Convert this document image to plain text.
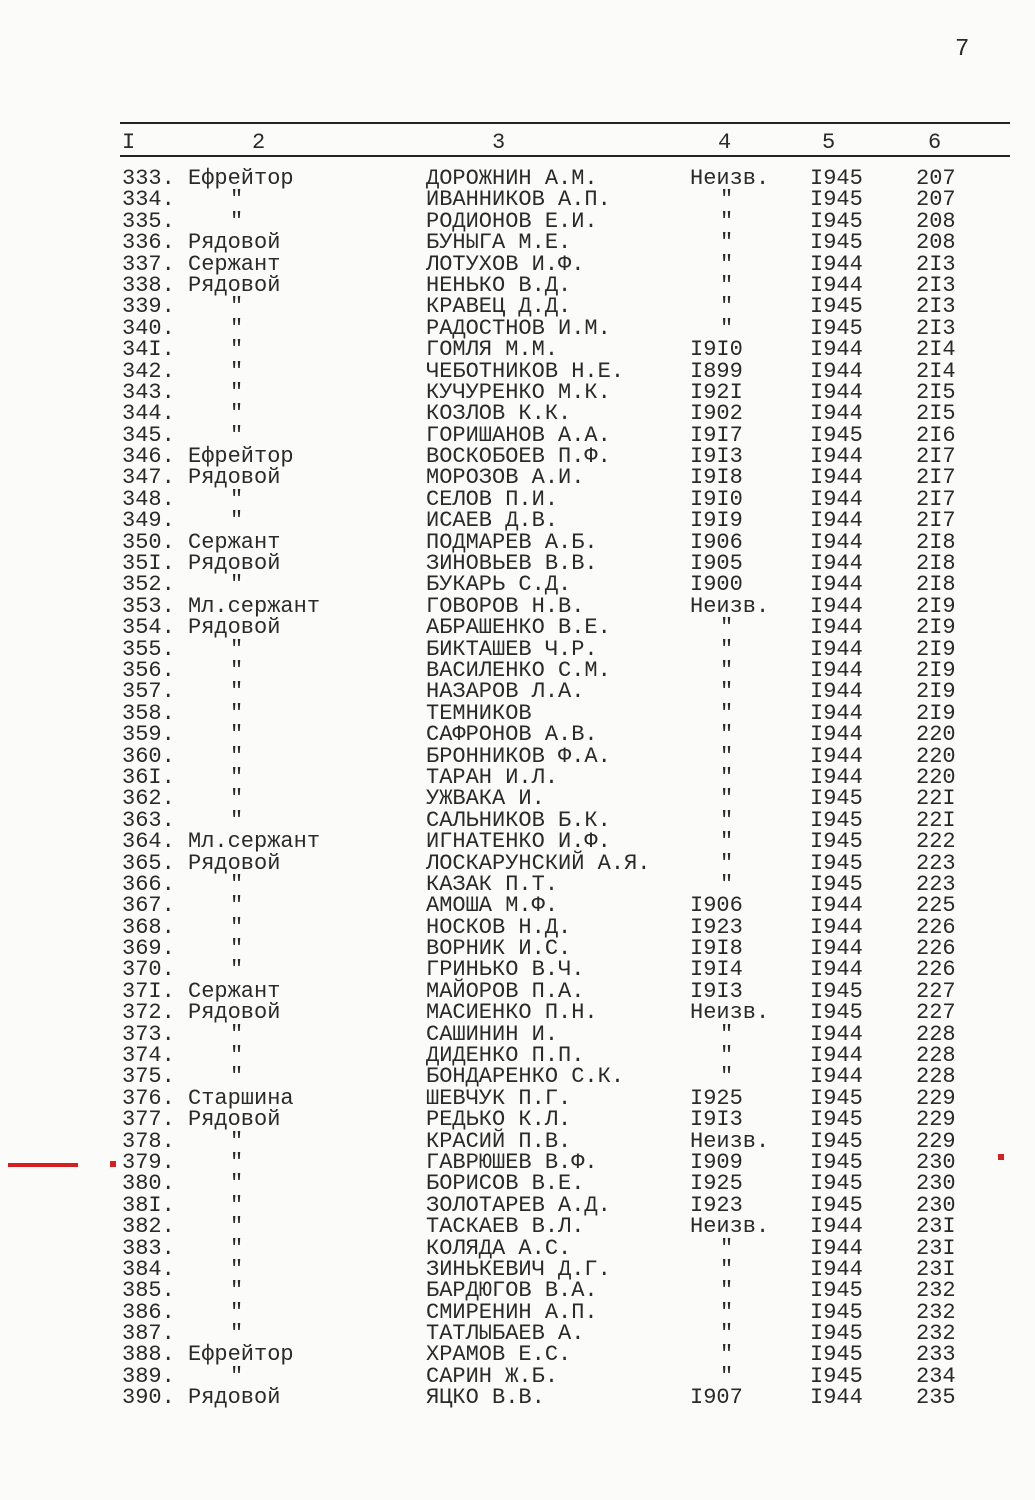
7
I	2	3	4	5	6
333. Ефрейтор	ДОРОЖНИН А.М.	Неизв. I945 207
334.	"	ИВАННИКОВ А.П.	"	I945 207
335.	"	РОДИОНОВ Е.И.	"	I945 208
336. Рядовой	БУНЫГА М.Е.	"	I945 208
337. Сержант	ЛОТУХОВ И.Ф.	"	I944 2I3
338. Рядовой	НЕНЬКО В.Д.	"	I944 2I3
339.	"	КРАВЕЦ Д.Д.	"	I945 2I3
340.	"	РАДОСТНОВ И.М.	"	I945 2I3
34I.	"	ГОМЛЯ М.М.	I9I0	I944 2I4
342.	"	ЧЕБОТНИКОВ Н.Е.	I899	I944 2I4
343.	"	КУЧУРЕНКО М.К.	I92I	I944 2I5
344.	"	КОЗЛОВ К.К.	I902	I944 2I5
345.	"	ГОРИШАНОВ А.А.	I9I7	I945 2I6
346. Ефрейтор	ВОСКОБОЕВ П.Ф.	I9I3	I944 2I7
347. Рядовой	МОРОЗОВ А.И.	I9I8	I944 2I7
348.	"	СЕЛОВ П.И.	I9I0	I944 2I7
349.	"	ИСАЕВ Д.В.	I9I9	I944 2I7
350. Сержант	ПОДМАРЕВ А.Б.	I906	I944 2I8
35I. Рядовой	ЗИНОВЬЕВ В.В.	I905	I944 2I8
352.	"	БУКАРЬ С.Д.	I900	I944 2I8
353. Мл.сержант	ГОВОРОВ Н.В.	Неизв. I944 2I9
354. Рядовой	АБРАШЕНКО В.Е.	"	I944 2I9
355.	"	БИКТАШЕВ Ч.Р.	"	I944 2I9
356.	"	ВАСИЛЕНКО С.М.	"	I944 2I9
357.	"	НАЗАРОВ Л.А.	"	I944 2I9
358.	"	ТЕМНИКОВ	"	I944 2I9
359.	"	САФРОНОВ А.В.	"	I944 220
360.	"	БРОННИКОВ Ф.А.	"	I944 220
36I.	"	ТАРАН И.Л.	"	I944 220
362.	"	УЖВАКА И.	"	I945 22I
363.	"	САЛЬНИКОВ Б.К.	"	I945 22I
364. Мл.сержант	ИГНАТЕНКО И.Ф.	"	I945 222
365. Рядовой	ЛОСКАРУНСКИЙ А.Я.	"	I945 223
366.	"	КАЗАК П.Т.	"	I945 223
367.	"	АМОША М.Ф.	I906	I944 225
368.	"	НОСКОВ Н.Д.	I923	I944 226
369.	"	ВОРНИК И.С.	I9I8	I944 226
370.	"	ГРИНЬКО В.Ч.	I9I4	I944 226
37I. Сержант	МАЙОРОВ П.А.	I9I3	I945 227
372. Рядовой	МАСИЕНКО П.Н.	Неизв. I945 227
373.	"	САШИНИН И.	"	I944 228
374.	"	ДИДЕНКО П.П.	"	I944 228
375.	"	БОНДАРЕНКО С.К.	"	I944 228
376. Старшина	ШЕВЧУК П.Г.	I925	I945 229
377. Рядовой	РЕДЬКО К.Л.	I9I3	I945 229
378.	"	КРАСИЙ П.В.	Неизв. I945 229
379.	"	ГАВРЮШЕВ В.Ф.	I909	I945 230
380.	"	БОРИСОВ В.Е.	I925	I945 230
38I.	"	ЗОЛОТАРЕВ А.Д.	I923	I945 230
382.	"	ТАСКАЕВ В.Л.	Неизв. I944 23I
383.	"	КОЛЯДА А.С.	"	I944 23I
384.	"	ЗИНЬКЕВИЧ Д.Г.	"	I944 23I
385.	"	БАРДЮГОВ В.А.	"	I945 232
386.	"	СМИРЕНИН А.П.	"	I945 232
387.	"	ТАТЛЫБАЕВ А.	"	I945 232
388. Ефрейтор	ХРАМОВ Е.С.	"	I945 233
389.	"	САРИН Ж.Б.	"	I945 234
390. Рядовой	ЯЦКО В.В.	I907	I944 235
